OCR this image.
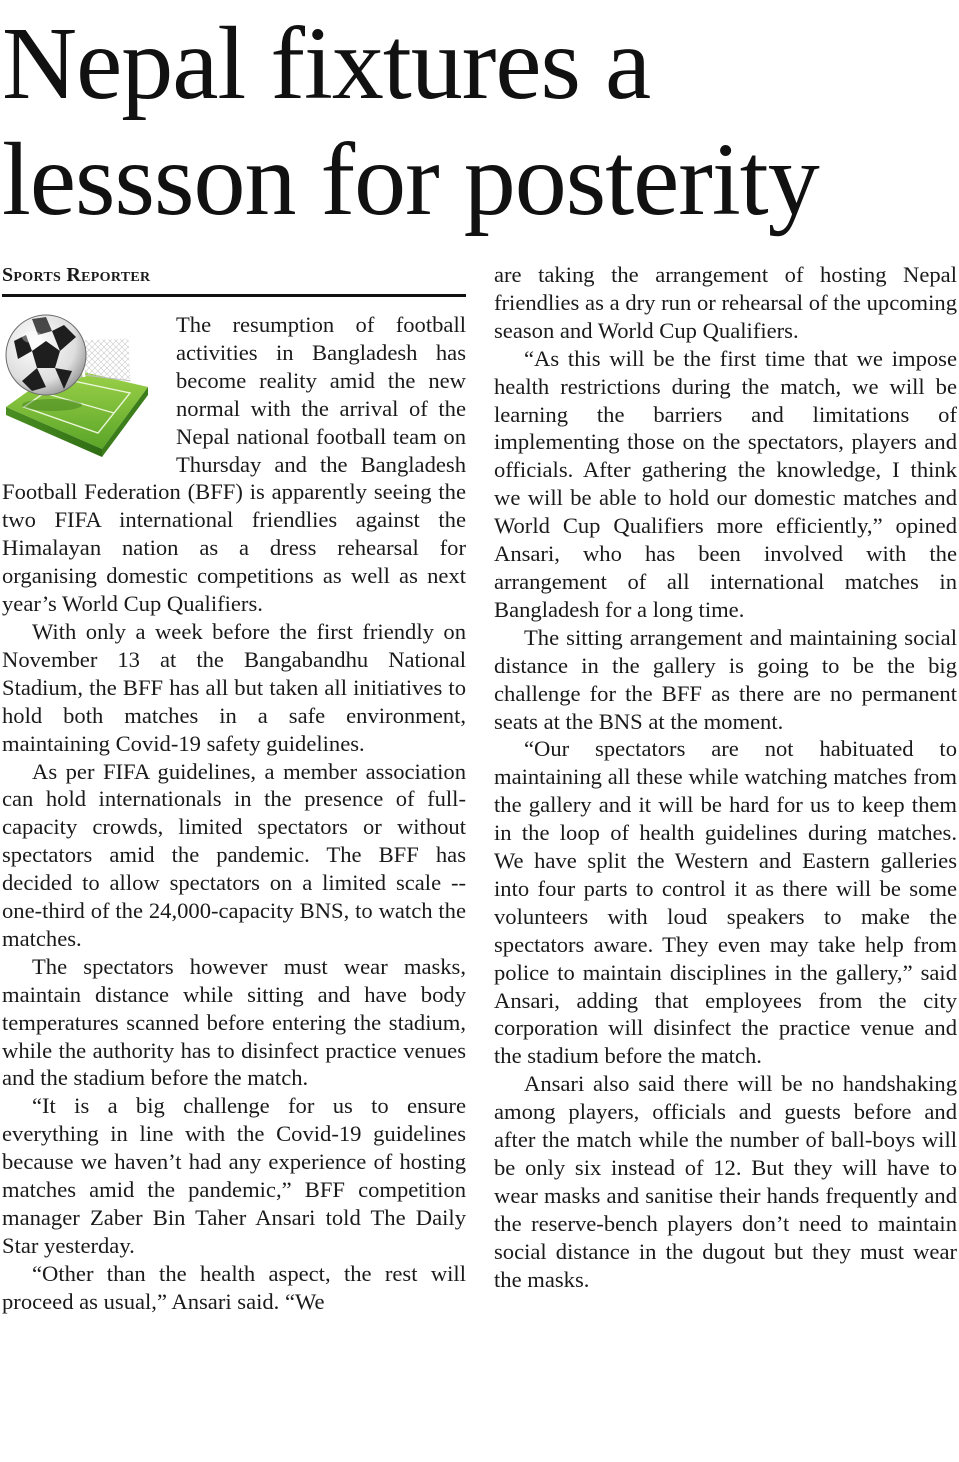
Nepal fixtures a lessson for posterity
Sports Reporter

The resumption of football activities in Bangladesh has become reality amid the new normal with the arrival of the Nepal national football team on Thursday and the Bangladesh Football Federation (BFF) is apparently seeing the two FIFA international friendlies against the Himalayan nation as a dress rehearsal for organising domestic competitions as well as next year’s World Cup Qualifiers.

With only a week before the first friendly on November 13 at the Bangabandhu National Stadium, the BFF has all but taken all initiatives to hold both matches in a safe environment, maintaining Covid-19 safety guidelines.

As per FIFA guidelines, a member association can hold internationals in the presence of full-capacity crowds, limited spectators or without spectators amid the pandemic. The BFF has decided to allow spectators on a limited scale -- one-third of the 24,000-capacity BNS, to watch the matches.

The spectators however must wear masks, maintain distance while sitting and have body temperatures scanned before entering the stadium, while the authority has to disinfect practice venues and the stadium before the match.

“It is a big challenge for us to ensure everything in line with the Covid-19 guidelines because we haven’t had any experience of hosting matches amid the pandemic,” BFF competition manager Zaber Bin Taher Ansari told The Daily Star yesterday.

“Other than the health aspect, the rest will proceed as usual,” Ansari said. “We

are taking the arrangement of hosting Nepal friendlies as a dry run or rehearsal of the upcoming season and World Cup Qualifiers.

“As this will be the first time that we impose health restrictions during the match, we will be learning the barriers and limitations of implementing those on the spectators, players and officials. After gathering the knowledge, I think we will be able to hold our domestic matches and World Cup Qualifiers more efficiently,” opined Ansari, who has been involved with the arrangement of all international matches in Bangladesh for a long time.

The sitting arrangement and maintaining social distance in the gallery is going to be the big challenge for the BFF as there are no permanent seats at the BNS at the moment.

“Our spectators are not habituated to maintaining all these while watching matches from the gallery and it will be hard for us to keep them in the loop of health guidelines during matches. We have split the Western and Eastern galleries into four parts to control it as there will be some volunteers with loud speakers to make the spectators aware. They even may take help from police to maintain disciplines in the gallery,” said Ansari, adding that employees from the city corporation will disinfect the practice venue and the stadium before the match.

Ansari also said there will be no handshaking among players, officials and guests before and after the match while the number of ball-boys will be only six instead of 12. But they will have to wear masks and sanitise their hands frequently and the reserve-bench players don’t need to maintain social distance in the dugout but they must wear the masks.
